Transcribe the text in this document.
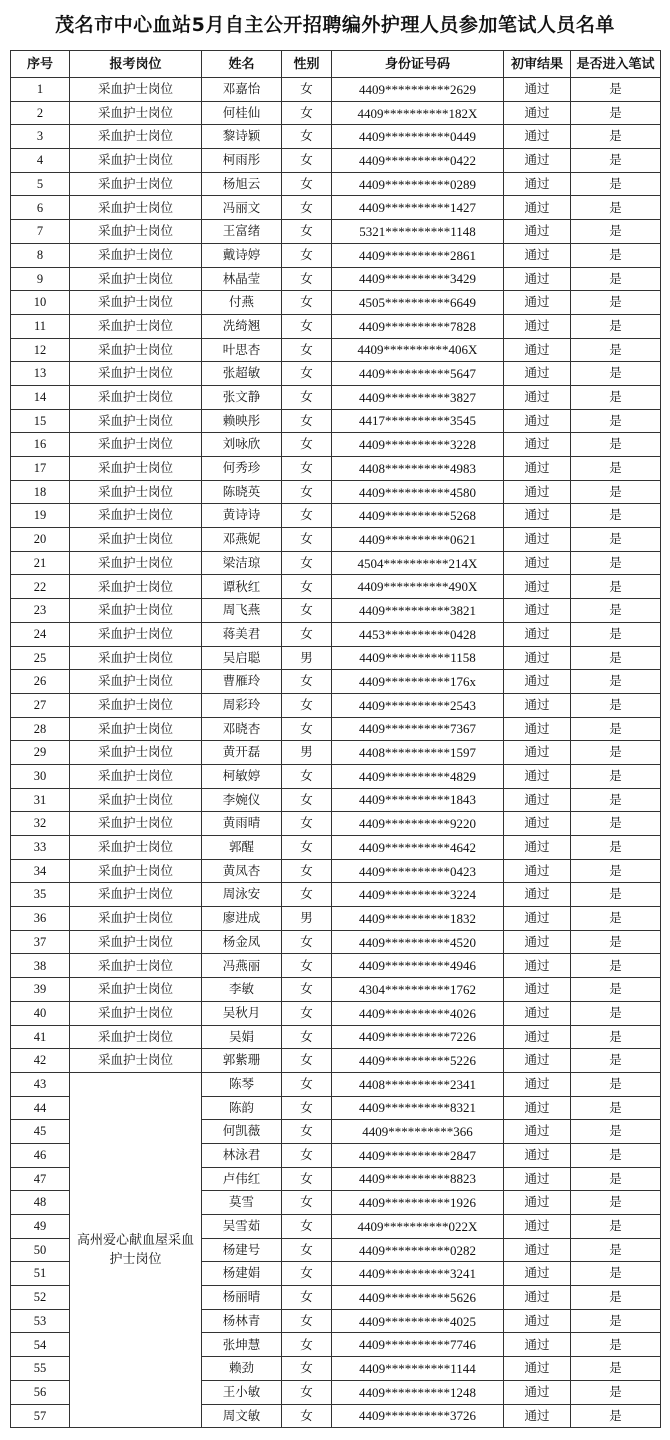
茂名市中心血站5月自主公开招聘编外护理人员参加笔试人员名单
序号	报考岗位	姓名	性别	身份证号码	初审结果	是否进入笔试
1	采血护士岗位	邓嘉怡	女	4409**********2629	通过	是
2	采血护士岗位	何桂仙	女	4409**********182X	通过	是
3	采血护士岗位	黎诗颖	女	4409**********0449	通过	是
4	采血护士岗位	柯雨彤	女	4409**********0422	通过	是
5	采血护士岗位	杨旭云	女	4409**********0289	通过	是
6	采血护士岗位	冯丽文	女	4409**********1427	通过	是
7	采血护士岗位	王富绪	女	5321**********1148	通过	是
8	采血护士岗位	戴诗婷	女	4409**********2861	通过	是
9	采血护士岗位	林晶莹	女	4409**********3429	通过	是
10	采血护士岗位	付燕	女	4505**********6649	通过	是
11	采血护士岗位	冼绮翘	女	4409**********7828	通过	是
12	采血护士岗位	叶思杏	女	4409**********406X	通过	是
13	采血护士岗位	张超敏	女	4409**********5647	通过	是
14	采血护士岗位	张文静	女	4409**********3827	通过	是
15	采血护士岗位	赖映彤	女	4417**********3545	通过	是
16	采血护士岗位	刘咏欣	女	4409**********3228	通过	是
17	采血护士岗位	何秀珍	女	4408**********4983	通过	是
18	采血护士岗位	陈晓英	女	4409**********4580	通过	是
19	采血护士岗位	黄诗诗	女	4409**********5268	通过	是
20	采血护士岗位	邓燕妮	女	4409**********0621	通过	是
21	采血护士岗位	梁洁琼	女	4504**********214X	通过	是
22	采血护士岗位	谭秋红	女	4409**********490X	通过	是
23	采血护士岗位	周飞燕	女	4409**********3821	通过	是
24	采血护士岗位	蒋美君	女	4453**********0428	通过	是
25	采血护士岗位	吴启聪	男	4409**********1158	通过	是
26	采血护士岗位	曹雁玲	女	4409**********176x	通过	是
27	采血护士岗位	周彩玲	女	4409**********2543	通过	是
28	采血护士岗位	邓晓杏	女	4409**********7367	通过	是
29	采血护士岗位	黄开磊	男	4408**********1597	通过	是
30	采血护士岗位	柯敏婷	女	4409**********4829	通过	是
31	采血护士岗位	李婉仪	女	4409**********1843	通过	是
32	采血护士岗位	黄雨晴	女	4409**********9220	通过	是
33	采血护士岗位	郭醒	女	4409**********4642	通过	是
34	采血护士岗位	黄凤杏	女	4409**********0423	通过	是
35	采血护士岗位	周泳安	女	4409**********3224	通过	是
36	采血护士岗位	廖进成	男	4409**********1832	通过	是
37	采血护士岗位	杨金凤	女	4409**********4520	通过	是
38	采血护士岗位	冯燕丽	女	4409**********4946	通过	是
39	采血护士岗位	李敏	女	4304**********1762	通过	是
40	采血护士岗位	吴秋月	女	4409**********4026	通过	是
41	采血护士岗位	吴娟	女	4409**********7226	通过	是
42	采血护士岗位	郭紫珊	女	4409**********5226	通过	是
43	高州爱心献血屋采血护士岗位	陈琴	女	4408**********2341	通过	是
44		陈韵	女	4409**********8321	通过	是
45		何凯薇	女	4409**********366	通过	是
46		林泳君	女	4409**********2847	通过	是
47		卢伟红	女	4409**********8823	通过	是
48		莫雪	女	4409**********1926	通过	是
49		吴雪茹	女	4409**********022X	通过	是
50		杨建号	女	4409**********0282	通过	是
51		杨建娟	女	4409**********3241	通过	是
52		杨丽晴	女	4409**********5626	通过	是
53		杨林青	女	4409**********4025	通过	是
54		张坤慧	女	4409**********7746	通过	是
55		赖劲	女	4409**********1144	通过	是
56		王小敏	女	4409**********1248	通过	是
57		周文敏	女	4409**********3726	通过	是
